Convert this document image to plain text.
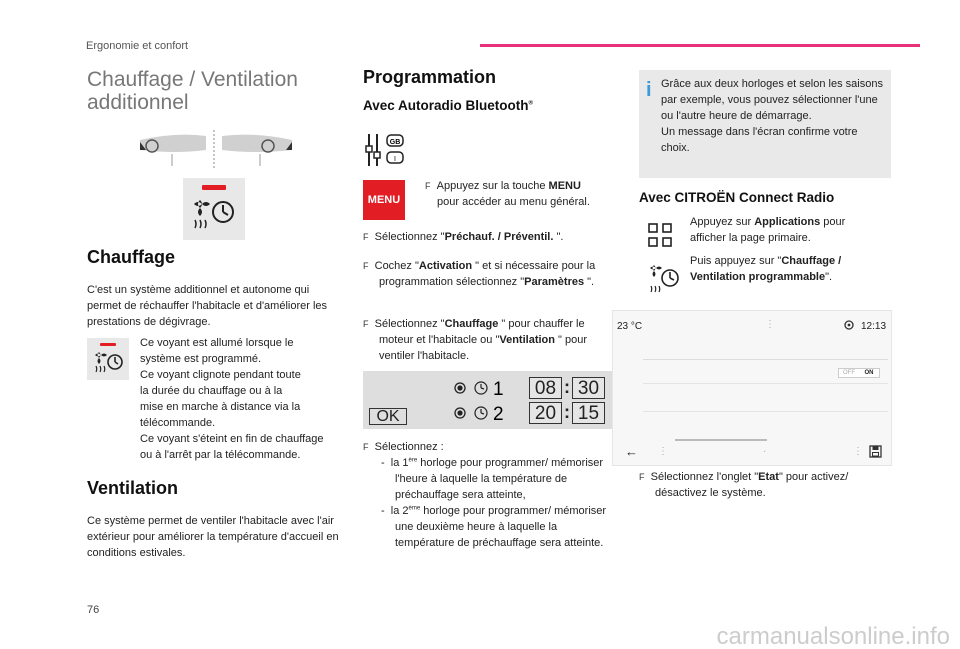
Ergonomie et confort
Chauffage / Ventilation additionnel
Chauffage
C'est un système additionnel et autonome qui permet de réchauffer l'habitacle et d'améliorer les prestations de dégivrage.
Ce voyant est allumé lorsque le
système est programmé.
Ce voyant clignote pendant toute
la durée du chauffage ou à la
mise en marche à distance via la
télécommande.
Ce voyant s'éteint en fin de chauffage
ou à l'arrêt par la télécommande.
Ventilation
Ce système permet de ventiler l'habitacle avec l'air extérieur pour améliorer la température d'accueil en conditions estivales.
Programmation
Avec Autoradio Bluetooth®
GB
I
MENU
F Appuyez sur la touche MENU
pour accéder au menu général.
F Sélectionnez "Préchauf. / Préventil. ".
F Cochez "Activation " et si nécessaire pour la programmation sélectionnez "Paramètres ".
F Sélectionnez "Chauffage " pour chauffer le moteur et l'habitacle ou "Ventilation " pour ventiler l'habitacle.
OK
1
2
08 : 30
20 : 15
F Sélectionnez :
- la 1ère horloge pour programmer/ mémoriser l'heure à laquelle la température de préchauffage sera atteinte,
- la 2ème horloge pour programmer/ mémoriser une deuxième heure à laquelle la température de préchauffage sera atteinte.
i Grâce aux deux horloges et selon les saisons par exemple, vous pouvez sélectionner l'une ou l'autre heure de démarrage.
Un message dans l'écran confirme votre choix.
Avec CITROËN Connect Radio
Appuyez sur Applications pour afficher la page primaire.
Puis appuyez sur "Chauffage / Ventilation programmable".
23 °C	⋮	12:13
OFF	ON
← ⋮	·	⋮
F Sélectionnez l'onglet "Etat" pour activez/ désactivez le système.
76
carmanualsonline.info
